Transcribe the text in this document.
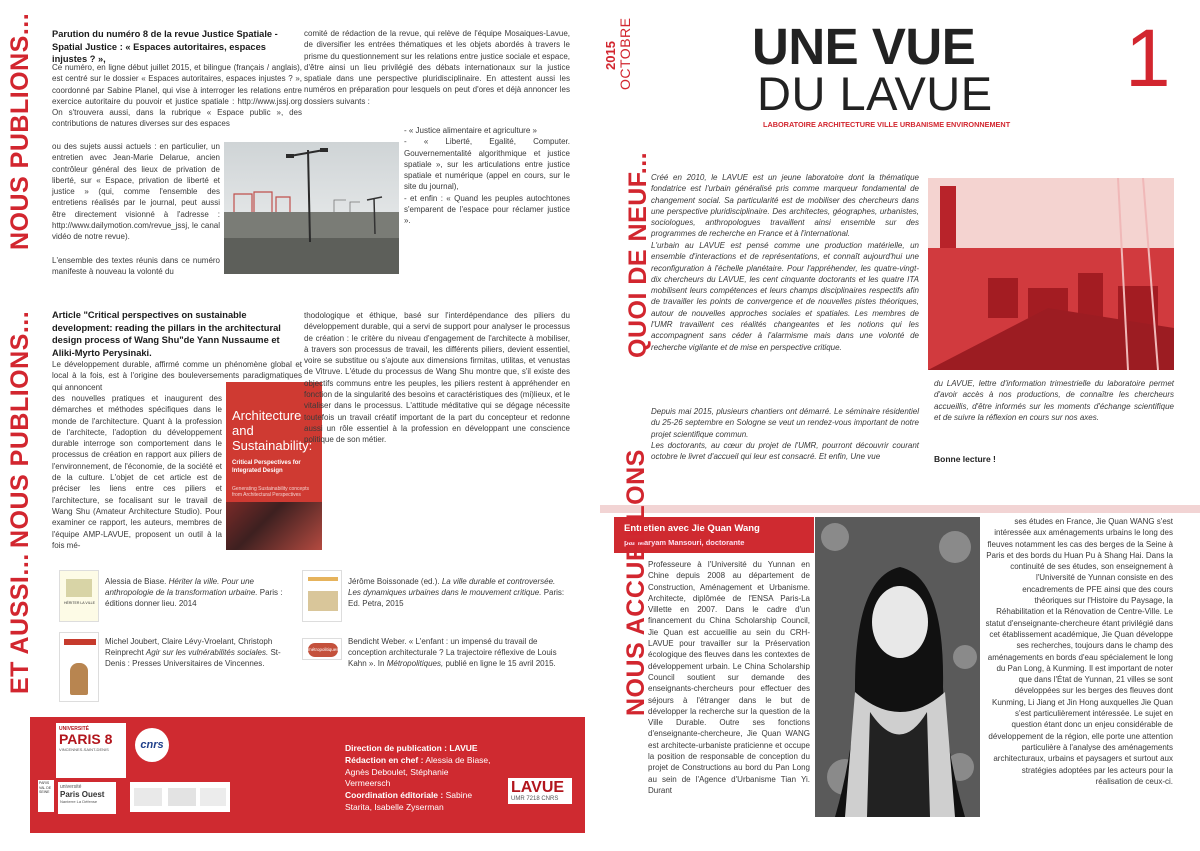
NOUS PUBLIONS...
NOUS PUBLIONS...
ET AUSSI...
Parution du numéro 8 de la revue Justice Spatiale - Spatial Justice : « Espaces autoritaires, espaces injustes ? »,
Ce numéro, en ligne début juillet 2015, et bilingue (français / anglais), est centré sur le dossier « Espaces autoritaires, espaces injustes ? », coordonné par Sabine Planel, qui vise à interroger les relations entre exercice autoritaire du pouvoir et justice spatiale : http://www.jssj.org On s'trouvera aussi, dans la rubrique « Espace public », des contributions de natures diverses sur des espaces
ou des sujets aussi actuels : en particulier, un entretien avec Jean-Marie Delarue, ancien contrôleur général des lieux de privation de liberté, sur « Espace, privation de liberté et justice » (qui, comme l'ensemble des entretiens réalisés par le journal, peut aussi être directement visionné à l'adresse : http://www.dailymotion.com/revue_jssj, le canal vidéo de notre revue).
L'ensemble des textes réunis dans ce numéro manifeste à nouveau la volonté du
comité de rédaction de la revue, qui relève de l'équipe Mosaiques-Lavue, de diversifier les entrées thématiques et les objets abordés à travers le prisme du questionnement sur les relations entre justice sociale et espace, d'être ainsi un lieu privilégié des débats internationaux sur la justice spatiale dans une perspective pluridisciplinaire. En attestent aussi les numéros en préparation pour lesquels on peut d'ores et déjà annoncer les dossiers suivants :
- « Justice alimentaire et agriculture »
- « Liberté, Egalité, Computer. Gouvernementalité algorithmique et justice spatiale », sur les articulations entre justice spatiale et numérique (appel en cours, sur le site du journal),
- et enfin : « Quand les peuples autochtones s'emparent de l'espace pour réclamer justice ».
Article "Critical perspectives on sustainable development: reading the pillars in the architectural design process of Wang Shu"de Yann Nussaume et Aliki-Myrto Perysinaki.
Le développement durable, affirmé comme un phénomène global et local à la fois, est à l'origine des bouleversements paradigmatiques qui annoncent
des nouvelles pratiques et inaugurent des démarches et méthodes spécifiques dans le monde de l'architecture. Quant à la profession de l'architecte, l'adoption du développement durable interroge son comportement dans le processus de création en rapport aux piliers de l'environnement, de l'économie, de la société et de la culture. L'objet de cet article est de préciser les liens entre ces piliers et l'architecture, se focalisant sur le travail de Wang Shu (Amateur Architecture Studio). Pour examiner ce rapport, les auteurs, membres de l'équipe AMP-LAVUE, proposent un outil à la fois mé-
Architecture and Sustainability:
Critical Perspectives for Integrated Design
Generating Sustainability concepts from Architectural Perspectives
thodologique et éthique, basé sur l'interdépendance des piliers du développement durable, qui a servi de support pour analyser le processus de création : le critère du niveau d'engagement de l'architecte à mobiliser, à travers son processus de travail, les différents piliers, devient essentiel, voire se substitue ou s'ajoute aux dimensions firmitas, utilitas, et venustas de Vitruve. L'étude du processus de Wang Shu montre que, s'il existe des objectifs communs entre les peuples, les piliers restent à appréhender en fonction de la singularité des besoins et caractéristiques des (mi)lieux, et le vitaliser dans le processus. L'attitude méditative qui se dégage nécessite toutefois un travail créatif important de la part du concepteur et redonne aussi un rôle essentiel à la profession en développant une conscience politique de son métier.
HÉRITER LA VILLE
Alessia de Biase. Hériter la ville. Pour une anthropologie de la transformation urbaine. Paris : éditions donner lieu. 2014
Jérôme Boissonade (ed.). La ville durable et controversée. Les dynamiques urbaines dans le mouvement critique. Paris: Ed. Petra, 2015
Michel Joubert, Claire Lévy-Vroelant, Christoph Reinprecht Agir sur les vulnérabilités sociales. St-Denis : Presses Universitaires de Vincennes.
métropolitiques
Bendicht Weber. « L'enfant : un impensé du travail de conception architecturale ? La trajectoire réflexive de Louis Kahn ». In Métropolitiques, publié en ligne le 15 avril 2015.
UNIVERSITÉ
PARIS 8
VINCENNES-SAINT-DENIS	cnrs
PARIS VAL DE SEINE
université
Paris Ouest
Nanterre La Défense
Direction de publication : LAVUE
Rédaction en chef : Alessia de Biase, Agnès Deboulet, Stéphanie Vermeersch
Coordination éditoriale : Sabine Starita, Isabelle Zyserman
LAVUE
UMR 7218 CNRS
2015 OCTOBRE UNE VUE
DU LAVUE
LABORATOIRE ARCHITECTURE VILLE URBANISME ENVIRONNEMENT
1
QUOI DE NEUF... Créé en 2010, le LAVUE est un jeune laboratoire dont la thématique fondatrice est l'urbain généralisé pris comme marqueur fondamental de changement social. Sa particularité est de mobiliser des chercheurs dans une perspective pluridisciplinaire. Des architectes, géographes, urbanistes, sociologues, anthropologues travaillent ainsi ensemble sur des programmes de recherche en France et à l'international.
L'urbain au LAVUE est pensé comme une production matérielle, un ensemble d'interactions et de représentations, et connaît aujourd'hui une reconfiguration à l'échelle planétaire. Pour l'appréhender, les quatre-vingt-dix chercheurs du LAVUE, les cent cinquante doctorants et les quatre ITA mobilisent leurs compétences et leurs champs disciplinaires respectifs afin de travailler les points de convergence et de nouvelles pistes théoriques, autour de nouvelles approches sociales et spatiales. Les membres de l'UMR travaillent ces réalités changeantes et les notions qui les accompagnent sans céder à l'alarmisme mais dans une volonté de recherche vigilante et de mise en perspective critique.
Depuis mai 2015, plusieurs chantiers ont démarré. Le séminaire résidentiel du 25-26 septembre en Sologne se veut un rendez-vous important de notre projet scientifique commun.
Les doctorants, au cœur du projet de l'UMR, pourront découvrir courant octobre le livret d'accueil qui leur est consacré. Et enfin, Une vue
du LAVUE, lettre d'information trimestrielle du laboratoire permet d'avoir accès à nos productions, de connaître les chercheurs accueillis, d'être informés sur les moments d'échange scientifique et de suivre la réflexion en cours sur nos axes.
Bonne lecture !
Entretien avec Jie Quan Wang
par Maryam Mansouri, doctorante
NOUS ACCUEILLONS
Professeure à l'Université du Yunnan en Chine depuis 2008 au département de Construction, Aménagement et Urbanisme. Architecte, diplômée de l'ENSA Paris-La Villette en 2007. Dans le cadre d'un financement du China Scholarship Council, Jie Quan est accueillie au sein du CRH-LAVUE pour travailler sur la Préservation écologique des fleuves dans les contextes de développement urbain. Le China Scholarship Council soutient sur demande des enseignants-chercheurs pour effectuer des séjours à l'étranger dans le but de développer la recherche sur la question de la Ville Durable. Outre ses fonctions d'enseignante-chercheure, Jie Quan WANG est architecte-urbaniste praticienne et occupe la position de responsable de conception du projet de Constructions au bord du Pan Long au sein de l'Agence d'Urbanisme Tian Yi. Durant
ses études en France, Jie Quan WANG s'est intéressée aux aménagements urbains le long des fleuves notamment les cas des berges de la Seine à Paris et des bords du Huan Pu à Shang Hai. Dans la continuité de ses études, son enseignement à l'Université de Yunnan consiste en des encadrements de PFE ainsi que des cours théoriques sur l'Histoire du Paysage, la Réhabilitation et la Rénovation de Centre-Ville. Le statut d'enseignante-chercheure étant privilégié dans cet établissement académique, Jie Quan développe ses recherches, toujours dans le champ des aménagements en bords d'eau spécialement le long du Pan Long, à Kunming. Il est important de noter que dans l'État de Yunnan, 21 villes se sont développées sur les berges des fleuves dont Kunming, Li Jiang et Jin Hong auxquelles Jie Quan s'est particulièrement intéressée. Le sujet en question étant donc un enjeu considérable de développement de la région, elle porte une attention particulière à l'analyse des aménagements architecturaux, urbains et paysagers et surtout aux stratégies adoptées par les acteurs pour la réalisation de ceux-ci.
